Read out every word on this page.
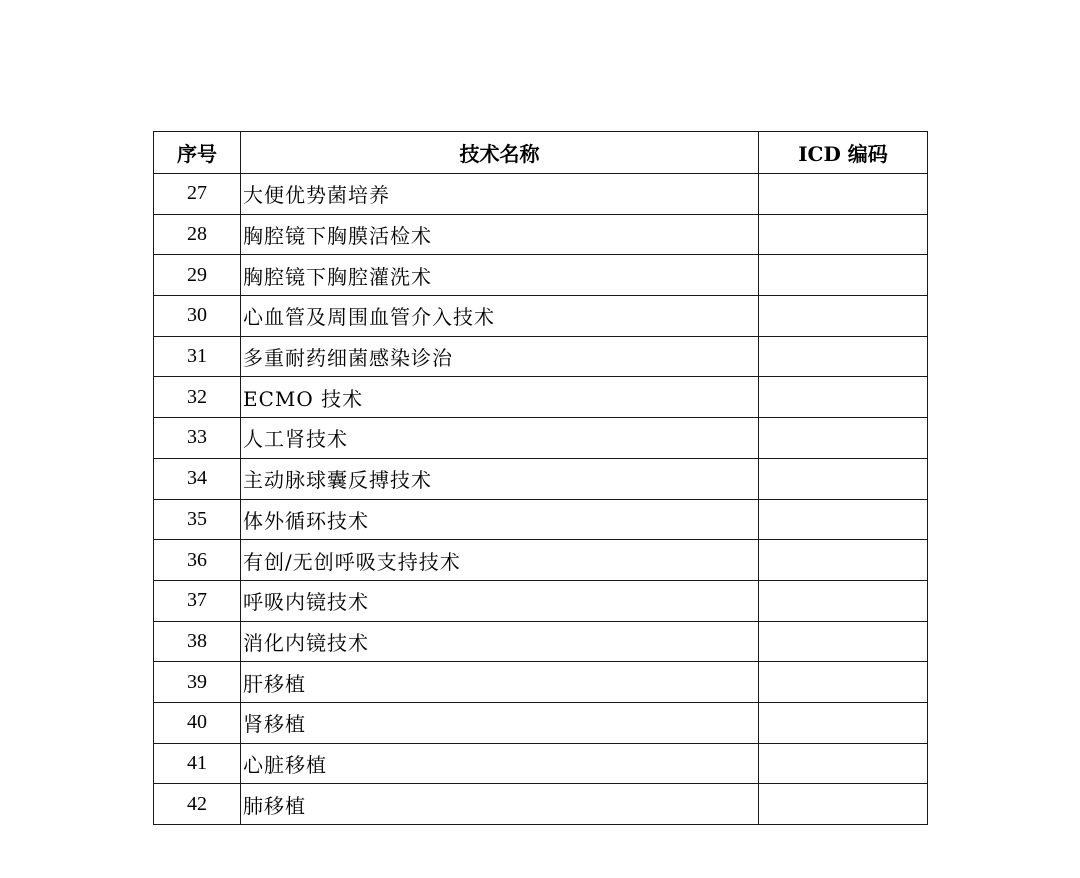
序号	技术名称	ICD 编码
27	大便优势菌培养	
28	胸腔镜下胸膜活检术	
29	胸腔镜下胸腔灌洗术	
30	心血管及周围血管介入技术	
31	多重耐药细菌感染诊治	
32	ECMO 技术	
33	人工肾技术	
34	主动脉球囊反搏技术	
35	体外循环技术	
36	有创/无创呼吸支持技术	
37	呼吸内镜技术	
38	消化内镜技术	
39	肝移植	
40	肾移植	
41	心脏移植	
42	肺移植	
